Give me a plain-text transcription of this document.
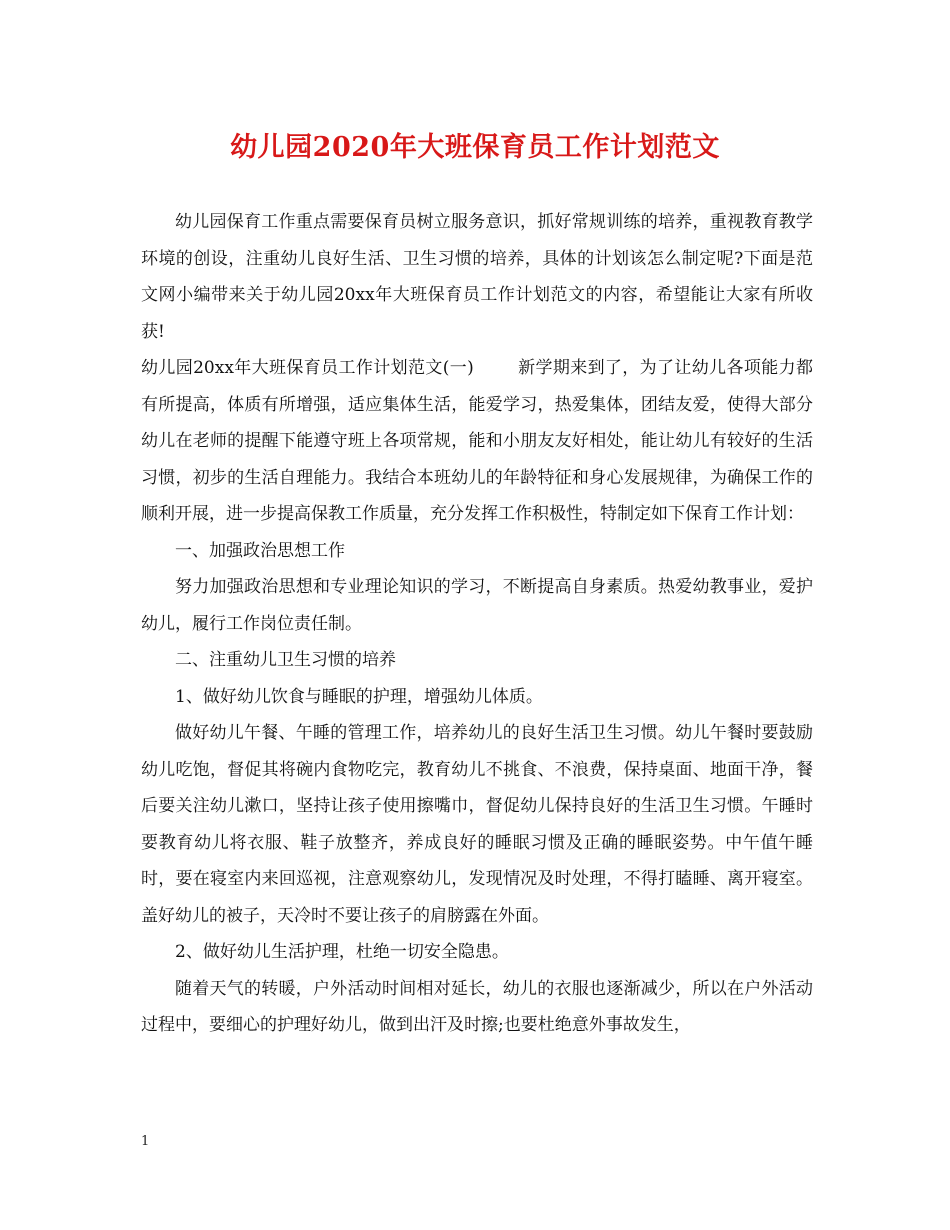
幼儿园2020年大班保育员工作计划范文

幼儿园保育工作重点需要保育员树立服务意识，抓好常规训练的培养，重视教育教学环境的创设，注重幼儿良好生活、卫生习惯的培养，具体的计划该怎么制定呢?下面是范文网小编带来关于幼儿园20xx年大班保育员工作计划范文的内容，希望能让大家有所收获!

幼儿园20xx年大班保育员工作计划范文(一)	新学期来到了，为了让幼儿各项能力都有所提高，体质有所增强，适应集体生活，能爱学习，热爱集体，团结友爱，使得大部分幼儿在老师的提醒下能遵守班上各项常规，能和小朋友友好相处，能让幼儿有较好的生活习惯，初步的生活自理能力。我结合本班幼儿的年龄特征和身心发展规律，为确保工作的顺利开展，进一步提高保教工作质量，充分发挥工作积极性，特制定如下保育工作计划：

一、加强政治思想工作

努力加强政治思想和专业理论知识的学习，不断提高自身素质。热爱幼教事业，爱护幼儿，履行工作岗位责任制。

二、注重幼儿卫生习惯的培养

1、做好幼儿饮食与睡眠的护理，增强幼儿体质。

做好幼儿午餐、午睡的管理工作，培养幼儿的良好生活卫生习惯。幼儿午餐时要鼓励幼儿吃饱，督促其将碗内食物吃完，教育幼儿不挑食、不浪费，保持桌面、地面干净，餐后要关注幼儿漱口，坚持让孩子使用擦嘴巾，督促幼儿保持良好的生活卫生习惯。午睡时要教育幼儿将衣服、鞋子放整齐，养成良好的睡眠习惯及正确的睡眠姿势。中午值午睡时，要在寝室内来回巡视，注意观察幼儿，发现情况及时处理，不得打瞌睡、离开寝室。盖好幼儿的被子，天冷时不要让孩子的肩膀露在外面。

2、做好幼儿生活护理，杜绝一切安全隐患。

随着天气的转暖，户外活动时间相对延长，幼儿的衣服也逐渐减少，所以在户外活动过程中，要细心的护理好幼儿，做到出汗及时擦;也要杜绝意外事故发生，

1
